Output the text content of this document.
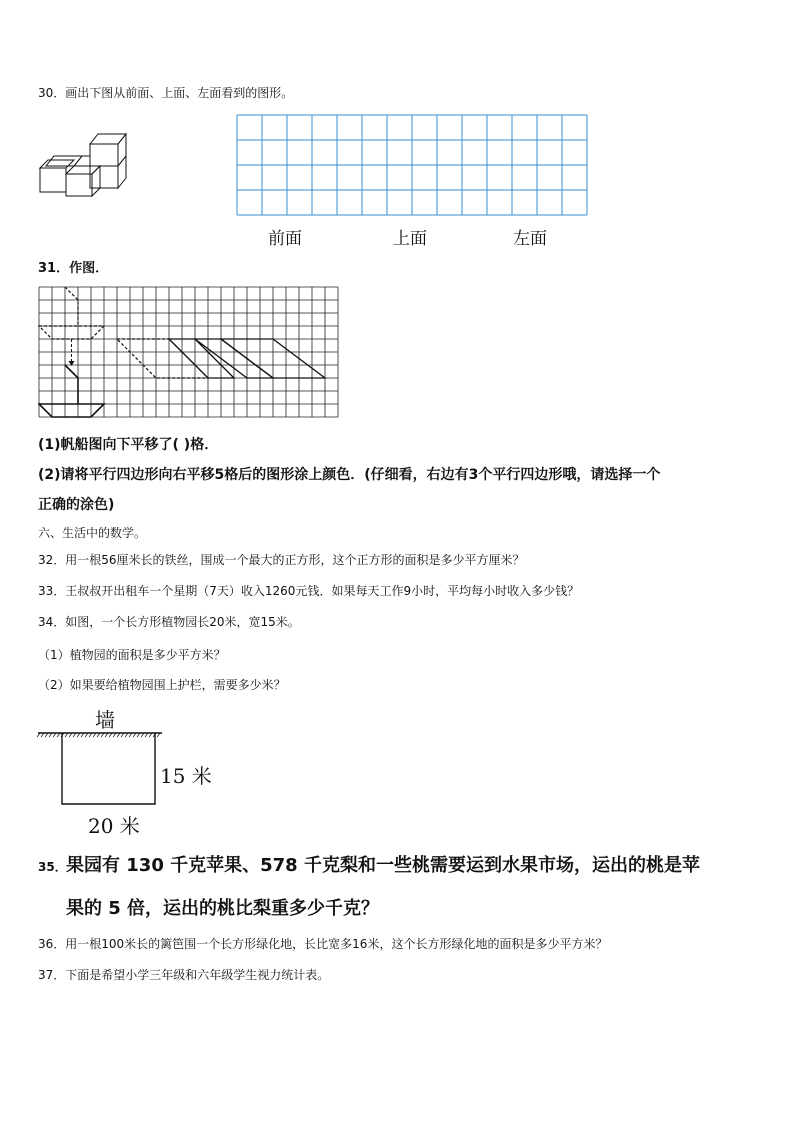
30．画出下图从前面、上面、左面看到的图形。
前面	上面	左面
31．作图．
(1)帆船图向下平移了( )格．
(2)请将平行四边形向右平移5格后的图形涂上颜色．(仔细看，右边有3个平行四边形哦，请选择一个
正确的涂色)
六、生活中的数学。
32．用一根56厘米长的铁丝，围成一个最大的正方形，这个正方形的面积是多少平方厘米？
33．王叔叔开出租车一个星期（7天）收入1260元钱．如果每天工作9小时，平均每小时收入多少钱？
34．如图，一个长方形植物园长20米，宽15米。
（1）植物园的面积是多少平方米？
（2）如果要给植物园围上护栏，需要多少米？
墙
15 米
20 米
35． 果园有 130 千克苹果、578 千克梨和一些桃需要运到水果市场，运出的桃是苹
果的 5 倍，运出的桃比梨重多少千克？
36．用一根100米长的篱笆围一个长方形绿化地，长比宽多16米，这个长方形绿化地的面积是多少平方米？
37．下面是希望小学三年级和六年级学生视力统计表。
